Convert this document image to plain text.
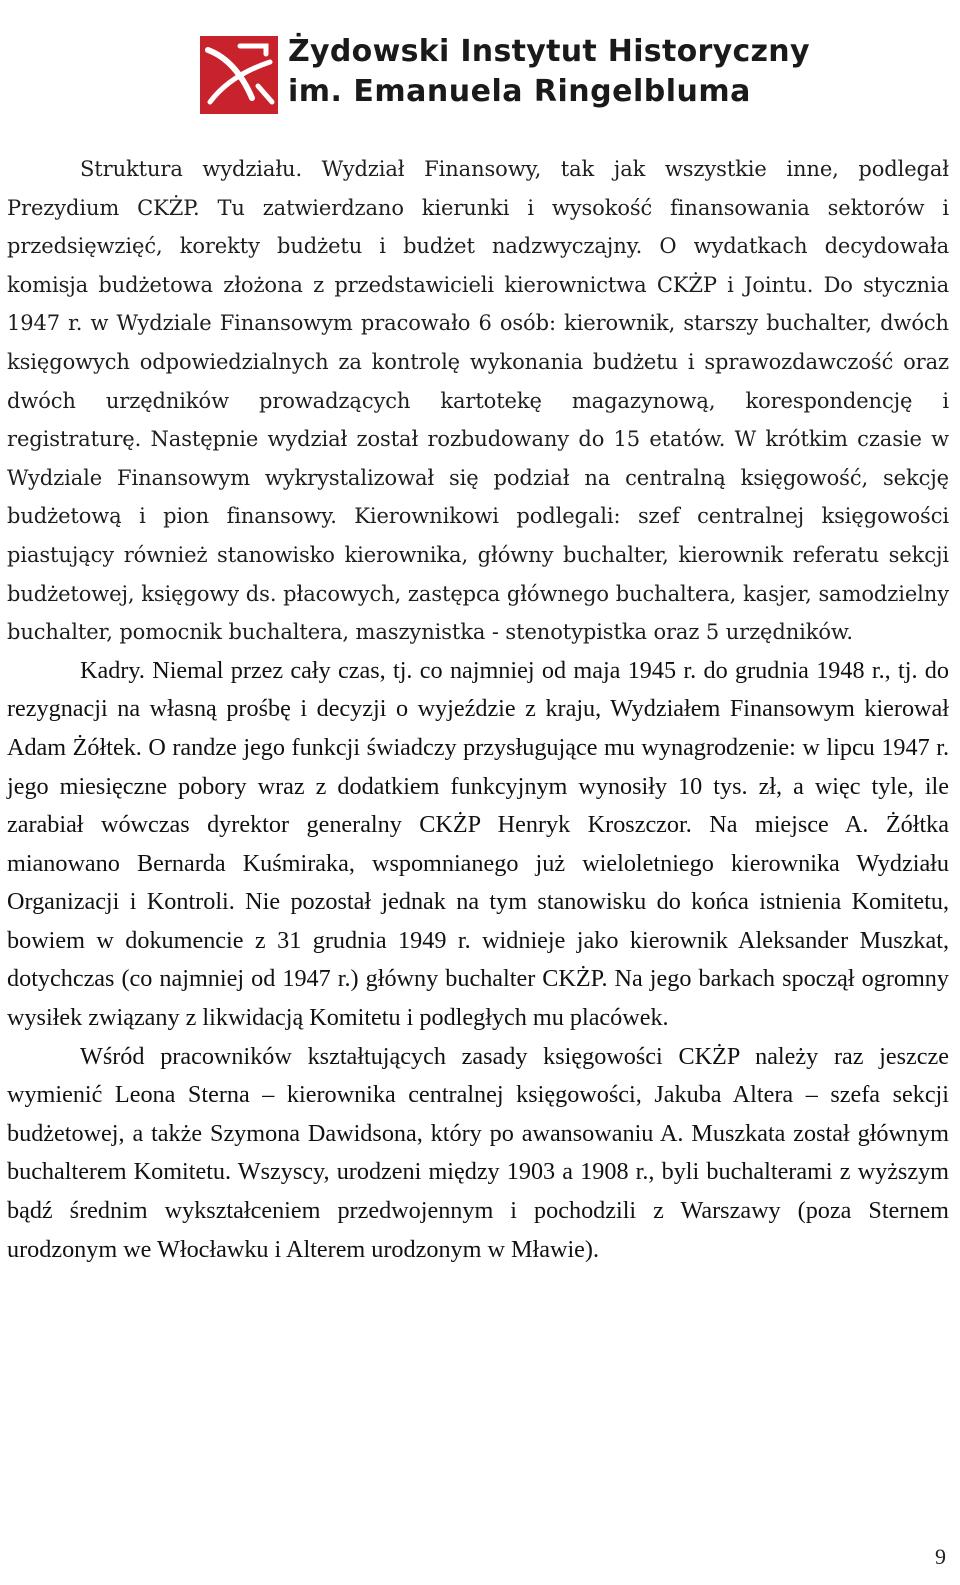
Żydowski Instytut Historyczny
im. Emanuela Ringelbluma

Struktura wydziału. Wydział Finansowy, tak jak wszystkie inne, podlegał Prezydium CKŻP. Tu zatwierdzano kierunki i wysokość finansowania sektorów i przedsięwzięć, korekty budżetu i budżet nadzwyczajny. O wydatkach decydowała komisja budżetowa złożona z przedstawicieli kierownictwa CKŻP i Jointu. Do stycznia 1947 r. w Wydziale Finansowym pracowało 6 osób: kierownik, starszy buchalter, dwóch księgowych odpowiedzialnych za kontrolę wykonania budżetu i sprawozdawczość oraz dwóch urzędników prowadzących kartotekę magazynową, korespondencję i registraturę. Następnie wydział został rozbudowany do 15 etatów. W krótkim czasie w Wydziale Finansowym wykrystalizował się podział na centralną księgowość, sekcję budżetową i pion finansowy. Kierownikowi podlegali: szef centralnej księgowości piastujący również stanowisko kierownika, główny buchalter, kierownik referatu sekcji budżetowej, księgowy ds. płacowych, zastępca głównego buchaltera, kasjer, samodzielny buchalter, pomocnik buchaltera, maszynistka - stenotypistka oraz 5 urzędników.

Kadry. Niemal przez cały czas, tj. co najmniej od maja 1945 r. do grudnia 1948 r., tj. do rezygnacji na własną prośbę i decyzji o wyjeździe z kraju, Wydziałem Finansowym kierował Adam Żółtek. O randze jego funkcji świadczy przysługujące mu wynagrodzenie: w lipcu 1947 r. jego miesięczne pobory wraz z dodatkiem funkcyjnym wynosiły 10 tys. zł, a więc tyle, ile zarabiał wówczas dyrektor generalny CKŻP Henryk Kroszczor. Na miejsce A. Żółtka mianowano Bernarda Kuśmiraka, wspomnianego już wieloletniego kierownika Wydziału Organizacji i Kontroli. Nie pozostał jednak na tym stanowisku do końca istnienia Komitetu, bowiem w dokumencie z 31 grudnia 1949 r. widnieje jako kierownik Aleksander Muszkat, dotychczas (co najmniej od 1947 r.) główny buchalter CKŻP. Na jego barkach spoczął ogromny wysiłek związany z likwidacją Komitetu i podległych mu placówek.

Wśród pracowników kształtujących zasady księgowości CKŻP należy raz jeszcze wymienić Leona Sterna – kierownika centralnej księgowości, Jakuba Altera – szefa sekcji budżetowej, a także Szymona Dawidsona, który po awansowaniu A. Muszkata został głównym buchalterem Komitetu. Wszyscy, urodzeni między 1903 a 1908 r., byli buchalterami z wyższym bądź średnim wykształceniem przedwojennym i pochodzili z Warszawy (poza Sternem urodzonym we Włocławku i Alterem urodzonym w Mławie).

9
